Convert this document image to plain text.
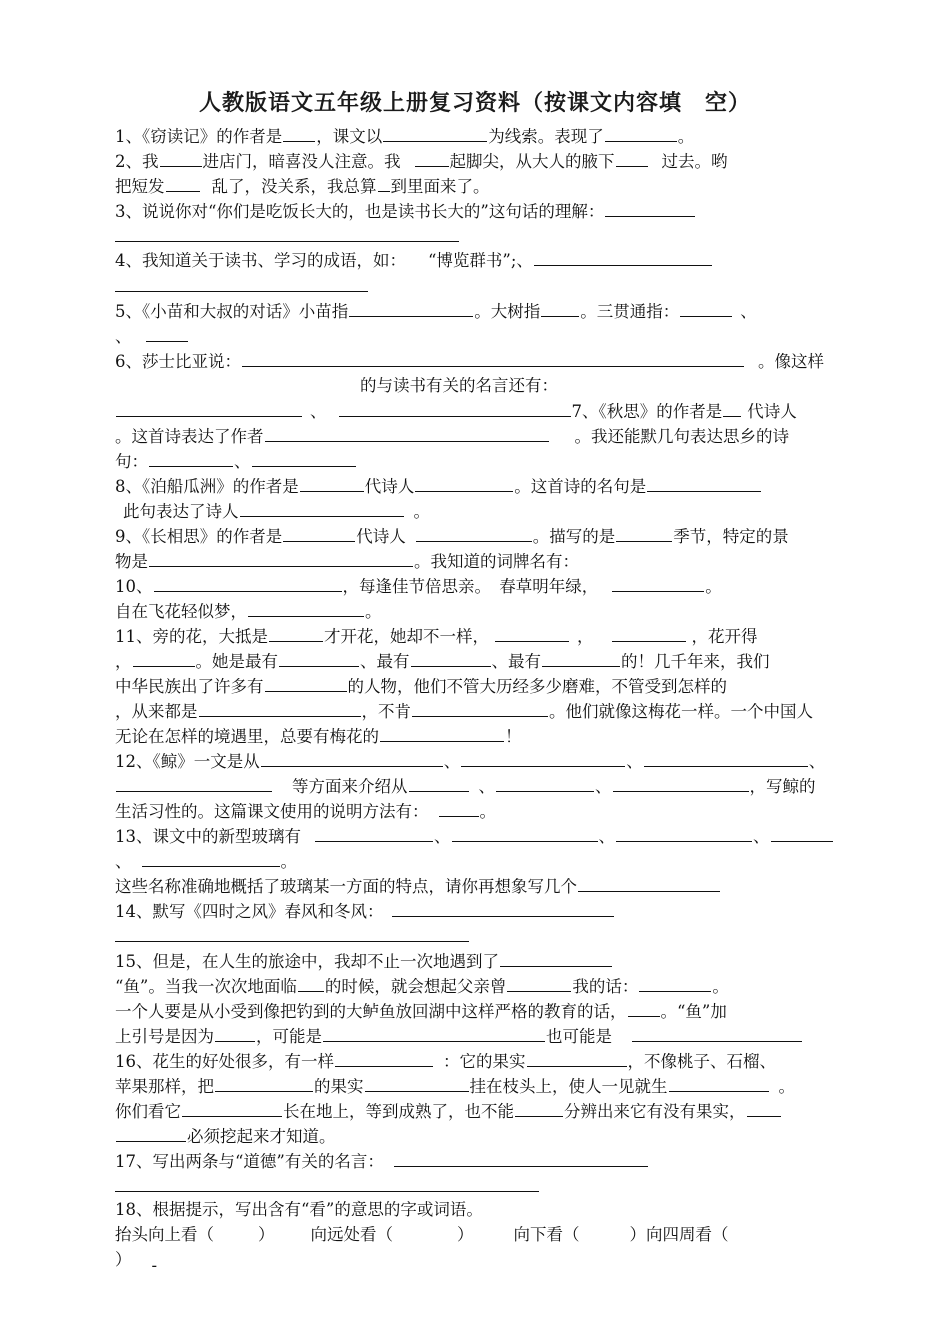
人教版语文五年级上册复习资料（按课文内容填　空）
1、《窃读记》的作者是 ，课文以	为线索。表现了	。
2、我	进店门，暗喜没人注意。我	起脚尖，从大人的腋下	过去。哟
把短发	乱了，没关系，我总算 到里面来了。
3、说说你对“你们是吃饭长大的，也是读书长大的”这句话的理解：
4、我知道关于读书、学习的成语，如： “博览群书”;、
5、《小苗和大叔的对话》小苗指	。大树指 。三贯通指：	、
、
6、莎士比亚说：	。像这样
的与读书有关的名言还有：
、	7、《秋思》的作者是 代诗人
。这首诗表达了作者	。我还能默几句表达思乡的诗
句：	、
8、《泊船瓜洲》的作者是	代诗人	。这首诗的名句是
此句表达了诗人	。
9、《长相思》的作者是	代诗人	。描写的是	季节，特定的景
物是	。我知道的词牌名有：
10、	，每逢佳节倍思亲。　春草明年绿，	。
自在飞花轻似梦，	。
11、旁的花，大抵是	才开花，她却不一样，	，	，花开得
，	。她是最有	、最有	、最有	的！几千年来，我们
中华民族出了许多有	的人物，他们不管大历经多少磨难，不管受到怎样的
，从来都是	，不肯	。他们就像这梅花一样。一个中国人
无论在怎样的境遇里，总要有梅花的	！
12、《鲸》一文是从	、	、	、
等方面来介绍从	、	、	，写鲸的
生活习性的。这篇课文使用的说明方法有：	。
13、课文中的新型玻璃有	、	、	、
、	。
这些名称准确地概括了玻璃某一方面的特点，请你再想象写几个
14、默写《四时之风》春风和冬风：
15、但是，在人生的旅途中，我却不止一次地遇到了
“鱼”。当我一次次地面临 的时候，就会想起父亲曾	我的话：	。
一个人要是从小受到像把钓到的大鲈鱼放回湖中这样严格的教育的话， 。“鱼”加
上引号是因为	，可能是	也可能是
16、花生的好处很多，有一样	：它的果实	，不像桃子、石榴、
苹果那样，把	的果实	挂在枝头上，使人一见就生	。
你们看它	长在地上，等到成熟了，也不能	分辨出来它有没有果实，
必须挖起来才知道。
17、写出两条与“道德”有关的名言：
18、根据提示，写出含有“看”的意思的字或词语。
抬头向上看（	） 向远处看（	） 向下看（	）向四周看（
） -
